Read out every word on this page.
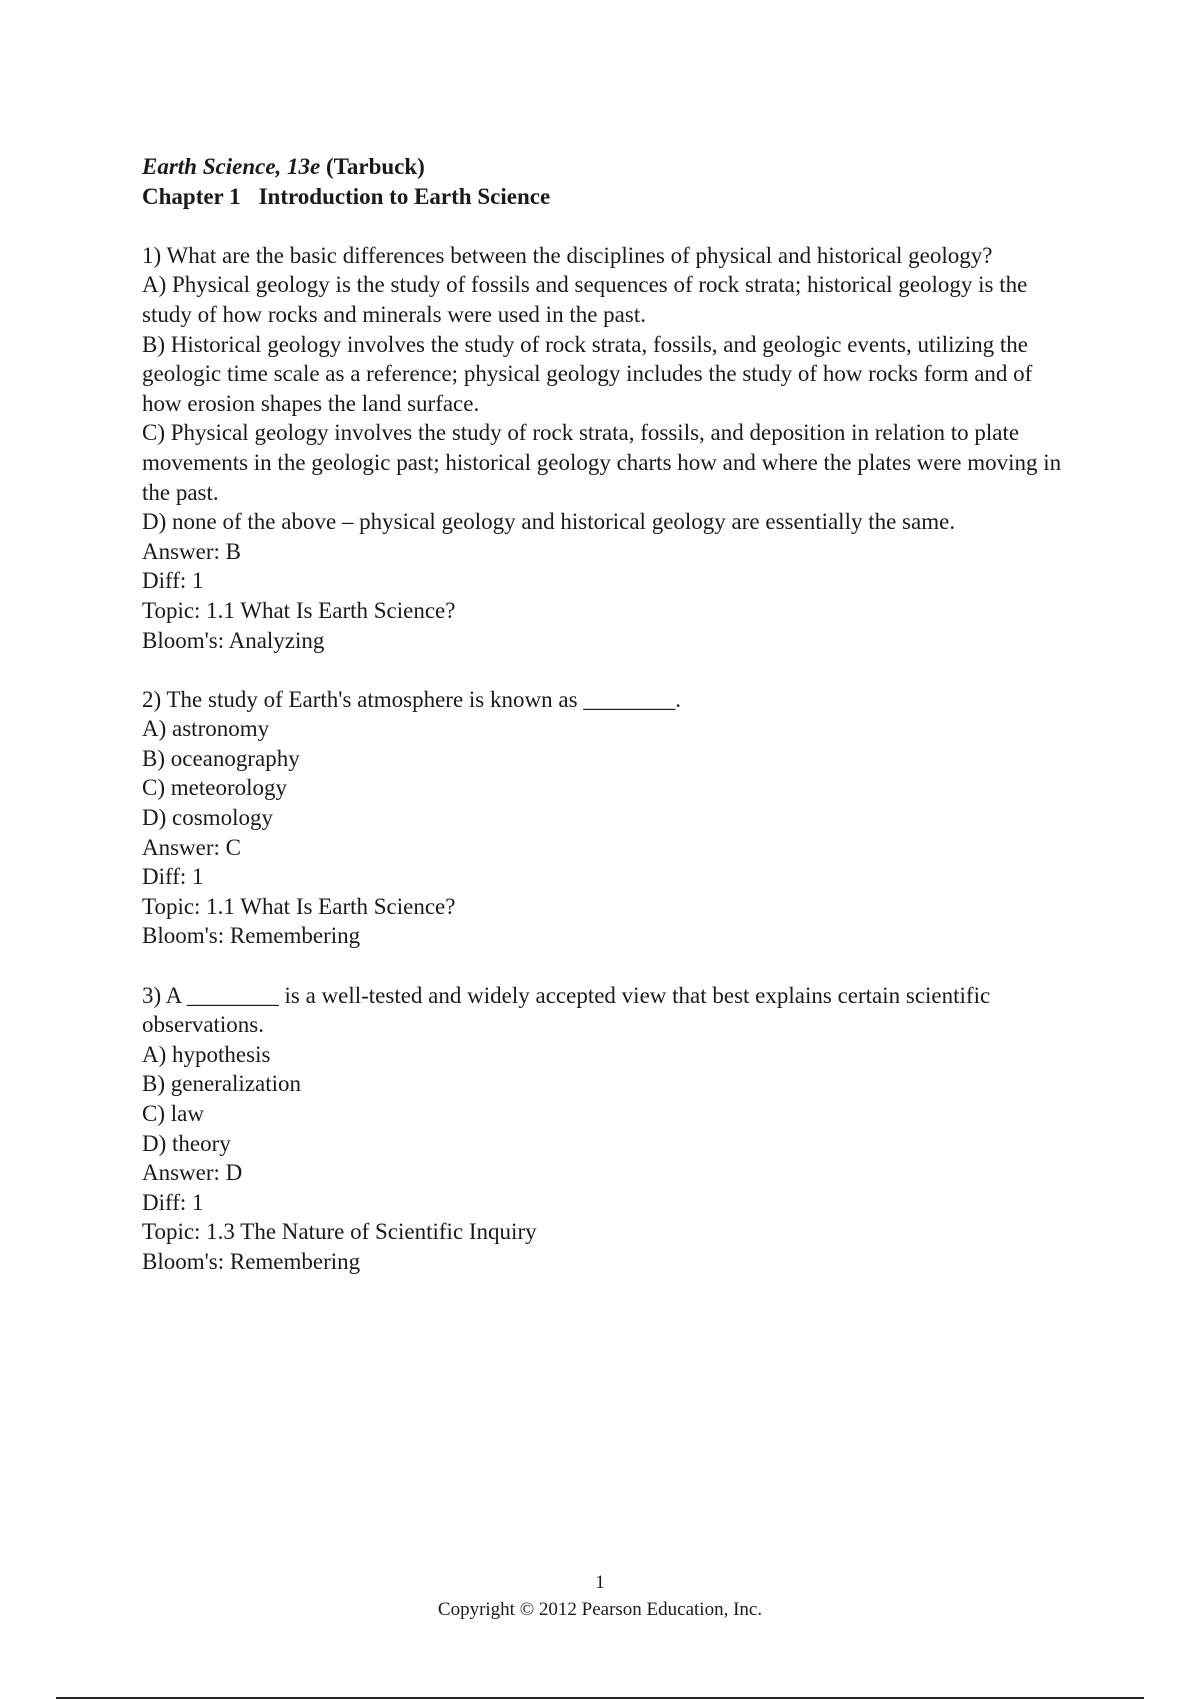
Earth Science, 13e (Tarbuck)

Chapter 1 Introduction to Earth Science

1) What are the basic differences between the disciplines of physical and historical geology?

A) Physical geology is the study of fossils and sequences of rock strata; historical geology is the study of how rocks and minerals were used in the past.

B) Historical geology involves the study of rock strata, fossils, and geologic events, utilizing the geologic time scale as a reference; physical geology includes the study of how rocks form and of how erosion shapes the land surface.

C) Physical geology involves the study of rock strata, fossils, and deposition in relation to plate movements in the geologic past; historical geology charts how and where the plates were moving in the past.

D) none of the above – physical geology and historical geology are essentially the same.

Answer: B

Diff: 1

Topic: 1.1 What Is Earth Science?

Bloom's: Analyzing

2) The study of Earth's atmosphere is known as ________.

A) astronomy

B) oceanography

C) meteorology

D) cosmology

Answer: C

Diff: 1

Topic: 1.1 What Is Earth Science?

Bloom's: Remembering

3) A ________ is a well-tested and widely accepted view that best explains certain scientific observations.

A) hypothesis

B) generalization

C) law

D) theory

Answer: D

Diff: 1

Topic: 1.3 The Nature of Scientific Inquiry

Bloom's: Remembering

1
Copyright © 2012 Pearson Education, Inc.
